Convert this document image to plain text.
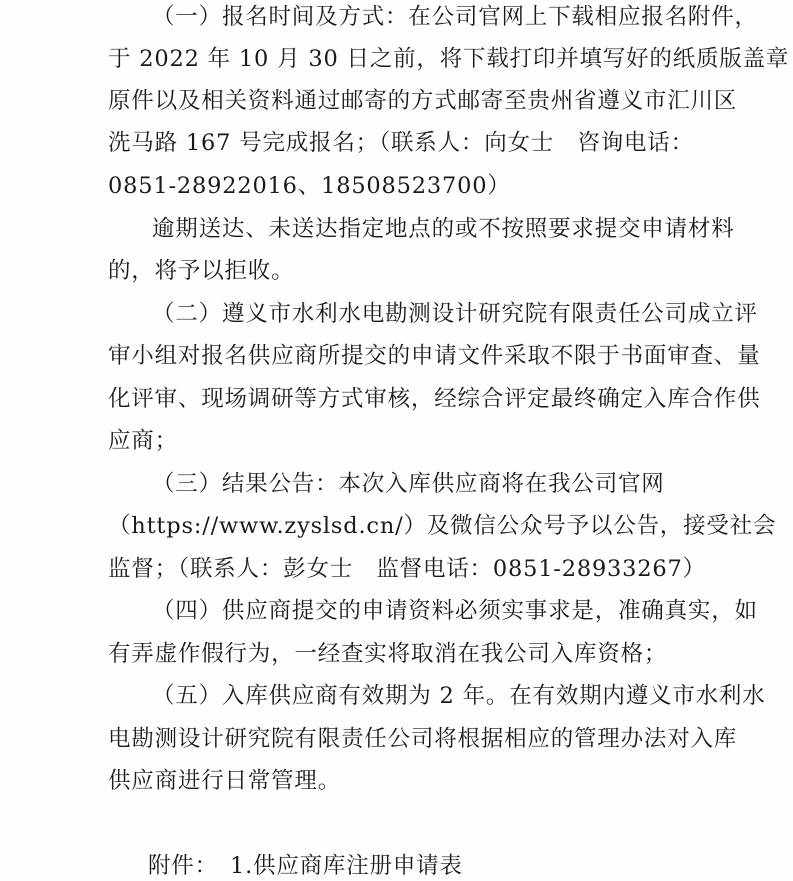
（一）报名时间及方式：在公司官网上下载相应报名附件，
于 2022 年 10 月 30 日之前，将下载打印并填写好的纸质版盖章
原件以及相关资料通过邮寄的方式邮寄至贵州省遵义市汇川区
洗马路 167 号完成报名；（联系人：向女士　咨询电话：
0851-28922016、18508523700）
逾期送达、未送达指定地点的或不按照要求提交申请材料
的，将予以拒收。
（二）遵义市水利水电勘测设计研究院有限责任公司成立评
审小组对报名供应商所提交的申请文件采取不限于书面审查、量
化评审、现场调研等方式审核，经综合评定最终确定入库合作供
应商；
（三）结果公告：本次入库供应商将在我公司官网
（https://www.zyslsd.cn/）及微信公众号予以公告，接受社会
监督；（联系人：彭女士　监督电话：0851-28933267）
（四）供应商提交的申请资料必须实事求是，准确真实，如
有弄虚作假行为，一经查实将取消在我公司入库资格；
（五）入库供应商有效期为 2 年。在有效期内遵义市水利水
电勘测设计研究院有限责任公司将根据相应的管理办法对入库
供应商进行日常管理。
附件：　1.供应商库注册申请表
